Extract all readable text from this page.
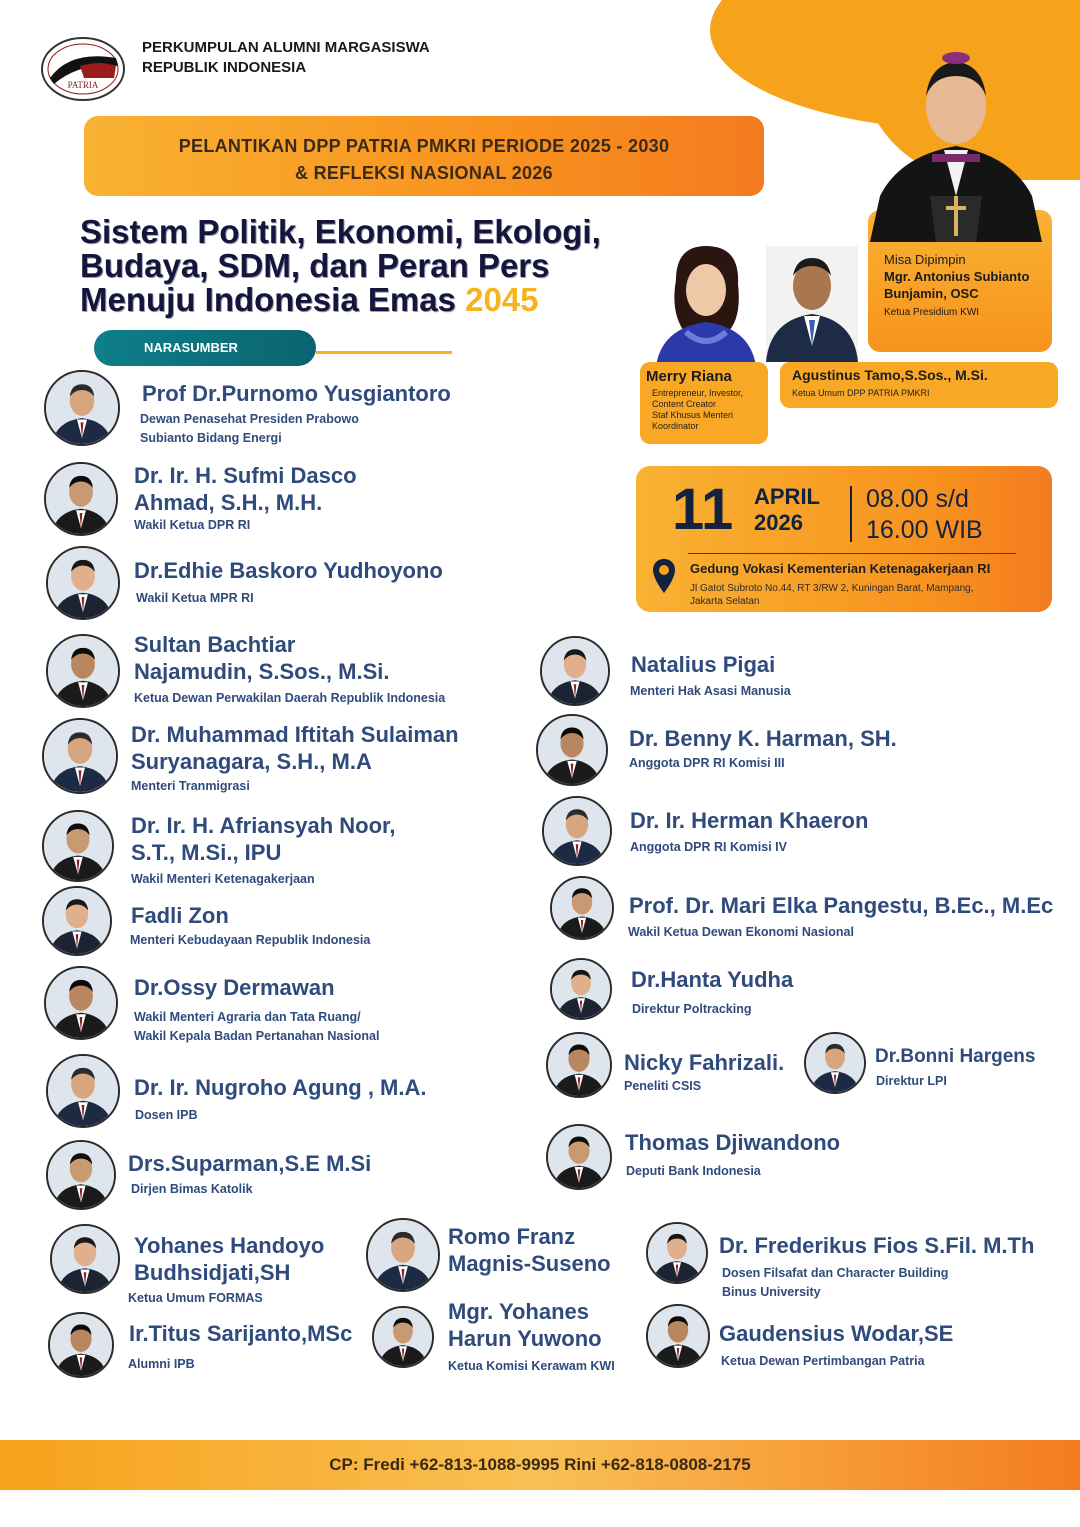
PATRIA
PERKUMPULAN ALUMNI MARGASISWA
REPUBLIK INDONESIA
PELANTIKAN DPP PATRIA PMKRI PERIODE 2025 - 2030
& REFLEKSI NASIONAL 2026
Sistem Politik, Ekonomi, Ekologi,
Budaya, SDM, dan Peran Pers
Menuju Indonesia Emas 2045
NARASUMBER
Misa Dipimpin
Mgr. Antonius Subianto
Bunjamin, OSC
Ketua Presidium KWI
Merry Riana
Entrepreneur, Investor,
Content Creator
Staf Khusus Menteri
Koordinator
Agustinus Tamo,S.Sos., M.Si.
Ketua Umum DPP PATRIA PMKRI
11 APRIL
2026
08.00 s/d
16.00 WIB
Gedung Vokasi Kementerian Ketenagakerjaan RI
Jl Gatot Subroto No.44, RT 3/RW 2, Kuningan Barat, Mampang,
Jakarta Selatan
Prof Dr.Purnomo Yusgiantoro
Dewan Penasehat Presiden Prabowo
Subianto Bidang Energi
Dr. Ir. H. Sufmi Dasco
Ahmad, S.H., M.H.
Wakil Ketua DPR RI
Dr.Edhie Baskoro Yudhoyono
Wakil Ketua MPR RI
Sultan Bachtiar
Najamudin, S.Sos., M.Si.
Ketua Dewan Perwakilan Daerah Republik Indonesia
Dr. Muhammad Iftitah Sulaiman
Suryanagara, S.H., M.A
Menteri Tranmigrasi
Dr. Ir. H. Afriansyah Noor,
S.T., M.Si., IPU
Wakil Menteri Ketenagakerjaan
Fadli Zon
Menteri Kebudayaan Republik Indonesia
Dr.Ossy Dermawan
Wakil Menteri Agraria dan Tata Ruang/
Wakil Kepala Badan Pertanahan Nasional
Dr. Ir. Nugroho Agung , M.A.
Dosen IPB
Drs.Suparman,S.E M.Si
Dirjen Bimas Katolik
Yohanes Handoyo
Budhsidjati,SH
Ketua Umum FORMAS
Ir.Titus Sarijanto,MSc
Alumni IPB
Romo Franz
Magnis-Suseno
Mgr. Yohanes
Harun Yuwono
Ketua Komisi Kerawam KWI
Natalius Pigai
Menteri Hak Asasi Manusia
Dr. Benny K. Harman, SH.
Anggota DPR RI Komisi III
Dr. Ir. Herman Khaeron
Anggota DPR RI Komisi IV
Prof. Dr. Mari Elka Pangestu, B.Ec., M.Ec
Wakil Ketua Dewan Ekonomi Nasional
Dr.Hanta Yudha
Direktur Poltracking
Nicky Fahrizali.
Peneliti CSIS
Dr.Bonni Hargens
Direktur LPI
Thomas Djiwandono
Deputi Bank Indonesia
Dr. Frederikus Fios S.Fil. M.Th
Dosen Filsafat dan Character Building
Binus University
Gaudensius Wodar,SE
Ketua Dewan Pertimbangan Patria
CP: Fredi +62-813-1088-9995 Rini +62-818-0808-2175
